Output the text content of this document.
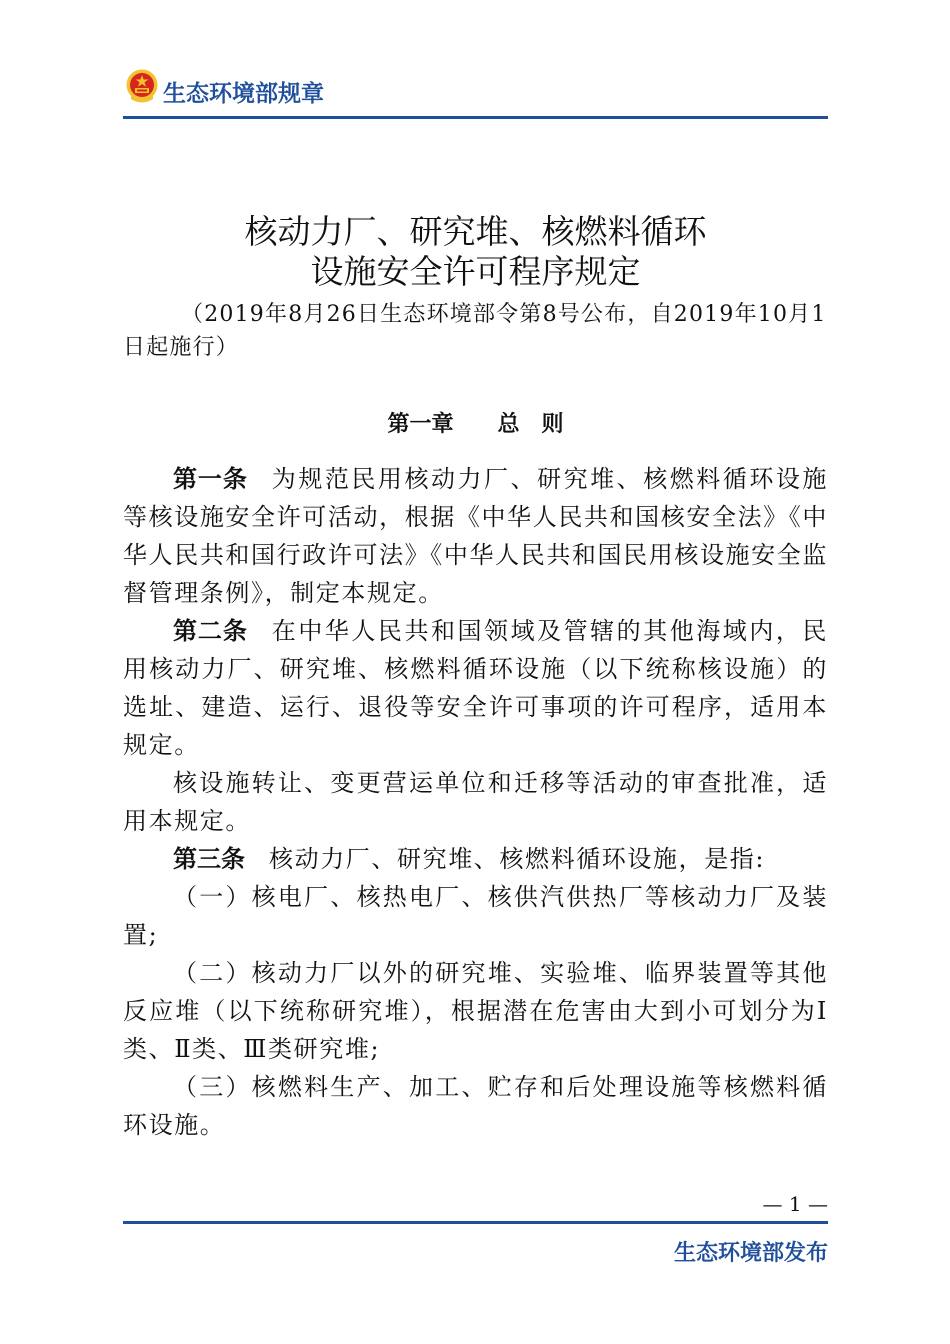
生态环境部规章
核动力厂、研究堆、核燃料循环
设施安全许可程序规定

（2019年8月26日生态环境部令第8号公布，自2019年10月1日起施行）

第一章　　总　则

第一条 为规范民用核动力厂、研究堆、核燃料循环设施等核设施安全许可活动，根据《中华人民共和国核安全法》《中华人民共和国行政许可法》《中华人民共和国民用核设施安全监督管理条例》，制定本规定。

第二条 在中华人民共和国领域及管辖的其他海域内，民用核动力厂、研究堆、核燃料循环设施（以下统称核设施）的选址、建造、运行、退役等安全许可事项的许可程序，适用本规定。

核设施转让、变更营运单位和迁移等活动的审查批准，适用本规定。

第三条 核动力厂、研究堆、核燃料循环设施，是指:

（一）核电厂、核热电厂、核供汽供热厂等核动力厂及装置;

（二）核动力厂以外的研究堆、实验堆、临界装置等其他反应堆（以下统称研究堆），根据潜在危害由大到小可划分为Ⅰ类、Ⅱ类、Ⅲ类研究堆;

（三）核燃料生产、加工、贮存和后处理设施等核燃料循环设施。

— 1 —
生态环境部发布
